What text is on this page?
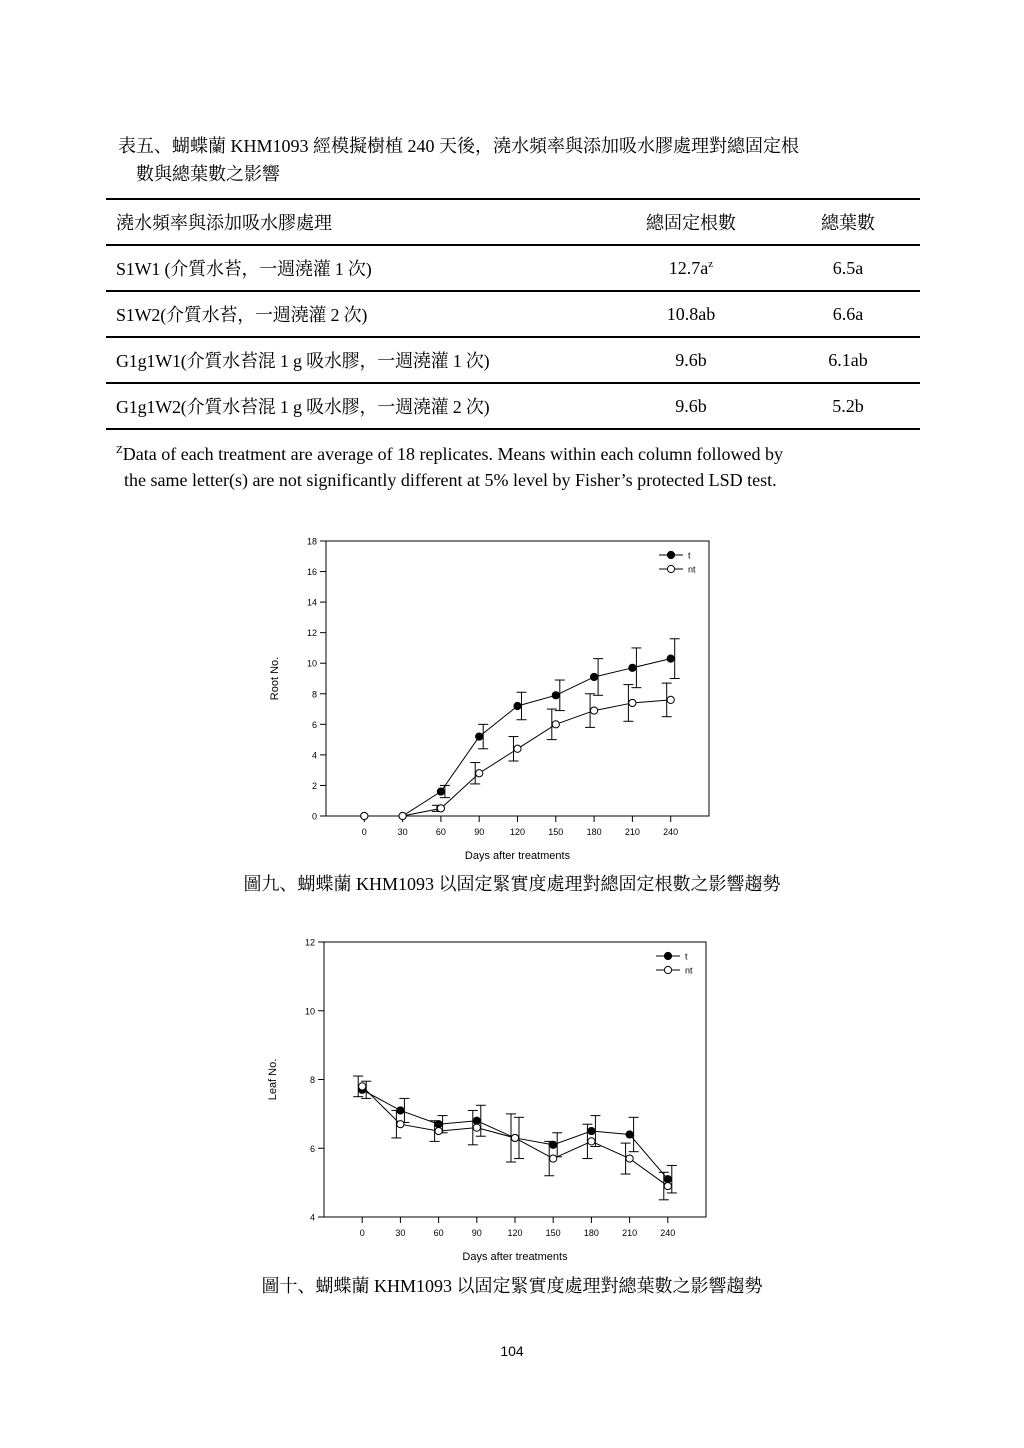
表五、蝴蝶蘭 KHM1093 經模擬樹植 240 天後，澆水頻率與添加吸水膠處理對總固定根
數與總葉數之影響
澆水頻率與添加吸水膠處理	總固定根數	總葉數
S1W1 (介質水苔，一週澆灌 1 次)	$12.7a^z$	6.5a
S1W2(介質水苔，一週澆灌 2 次)	10.8ab	6.6a
G1g1W1(介質水苔混 1 g 吸水膠，一週澆灌 1 次)	9.6b	6.1ab
G1g1W2(介質水苔混 1 g 吸水膠，一週澆灌 2 次)	9.6b	5.2b
$^Z$Data of each treatment are average of 18 replicates. Means within each column followed by
the same letter(s) are not significantly different at 5% level by Fisher’s protected LSD test.
0
2
4
6
8
10
12
14
16
18
0	30	60	90	120	150	180	210	240
Days after treatments
Root No.
t
nt
圖九、蝴蝶蘭 KHM1093 以固定緊實度處理對總固定根數之影響趨勢
4
6
8
10
12
0	30	60	90	120	150	180	210	240
Days after treatments
Leaf No.
t
nt
圖十、蝴蝶蘭 KHM1093 以固定緊實度處理對總葉數之影響趨勢
104
